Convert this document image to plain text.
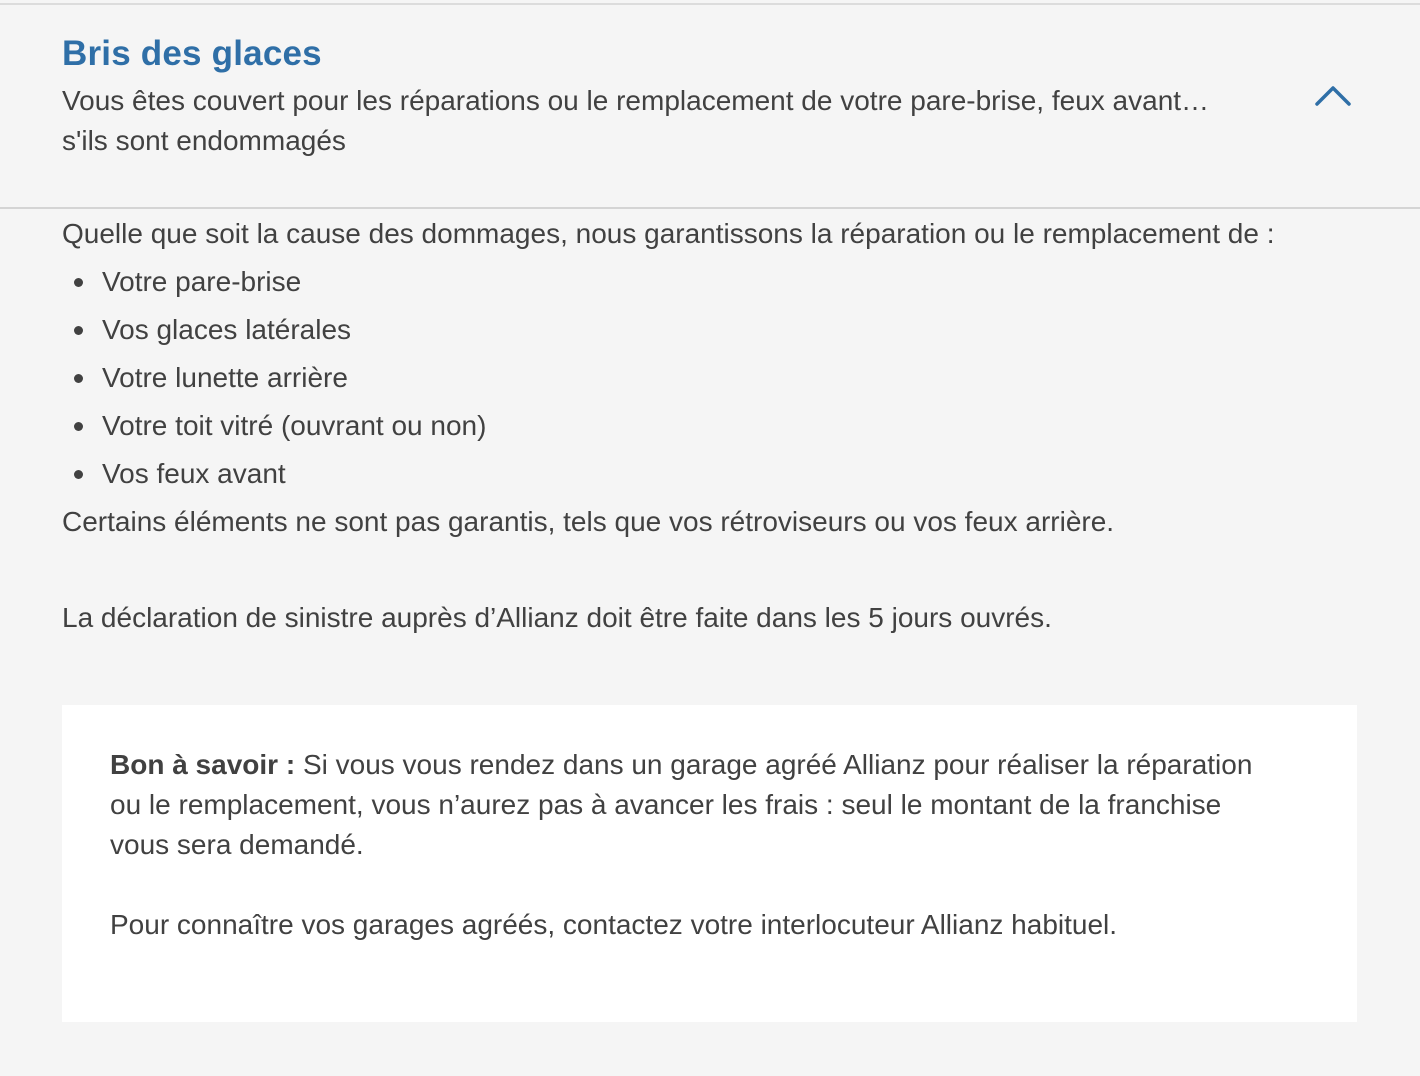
Bris des glaces

Vous êtes couvert pour les réparations ou le remplacement de votre pare-brise, feux avant… s'ils sont endommagés

Quelle que soit la cause des dommages, nous garantissons la réparation ou le remplacement de :

Votre pare-brise
Vos glaces latérales
Votre lunette arrière
Votre toit vitré (ouvrant ou non)
Vos feux avant

Certains éléments ne sont pas garantis, tels que vos rétroviseurs ou vos feux arrière.

La déclaration de sinistre auprès d’Allianz doit être faite dans les 5 jours ouvrés.

Bon à savoir : Si vous vous rendez dans un garage agréé Allianz pour réaliser la réparation ou le remplacement, vous n’aurez pas à avancer les frais : seul le montant de la franchise vous sera demandé.

Pour connaître vos garages agréés, contactez votre interlocuteur Allianz habituel.
